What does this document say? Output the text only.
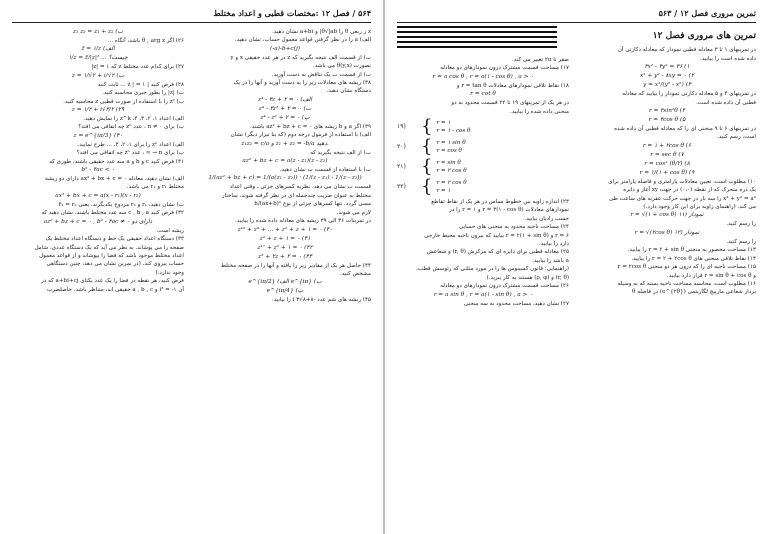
۵۶۴ / فصل ۱۲ :مختصات قطبی و اعداد مختلط
z ز ربعی θ را θ√|ab| و a+bi نشان دهید.
الف) a را در نظر گرفتن قواعد معمول حساب، نشان دهید.
(-a)-b+c(j)
ب) از قسمت الف نتیجه بگیرید که z در هر عدد حقیقی x و y
بصورت (y,x)θ می باشد.
ب) از قسمت ب یک تناقض به دست آورید.
۳۸) ریشه های معادلات زیر را به دست آورید و آنها را در یک
دستگاه نشان دهید.
z³ - ۳z + ۲ = ۰ (الف
z⁴ - ۳z² + ۲ = ۰ (ب
z⁴ - z² + ۲ = ۰ (پ
۳۹) اگر a و b ریشه های az² + bz + c = ۰ باشند.
الف) با استفاده از فرمول درجه دوم (که بنا تیزار دیگر) نشان
z₁z₂ = c/a و z₁ + z₂ = -b/a دهید.
ب) از الف نتیجه بگیرید که
az² + bz + c = a(z - z₁)(z - z₂)
ب) با استفاده از قسمت ب نشان دهید.
1/(az² + bz + c) = 1/(a(z₁ - z₂)) · (1/(z - z₁) - 1/(z - z₂))
قسمت ب نشان می دهد، نظریه کسرهای جزئی ـ وقتی اعداد
مختلط به عنوان ضریب چندجمله ای در نظر گرفته شوند، ساختار
مسی گردد. تنها کسرهای جزئی از نوع h/(ax+b)ⁿ
لازم می شوند.
در تمرینات ۳۶ الی ۳۹ ریشه های معادله داده شده را بیابید.
z¹⁰ + z⁹ + ... + z² + z + ۱ = ۰ (۴۰
z² + z + ۱ = ۰ (۴۱
z¹⁷ + z² + ۱ = ۰ (۴۲
z² + ۲z + ۲ = ۰ (۴۳
۴۴) حاصل هر یک از مقادیر زیر را یافته و آنها را در صفحه مختلط
مشخص کنید.
e^{iπ/2} (الف e^{iπ} (ب
e^{iπ/4} (پ
۴۵) ریشه های شم عدد -۸+۸√۳ i را بیابید.
z₁ z₂ = z₁ + z₂ (ب
۲۶) اگر θ , arg z باشد، آنگاه ...
z̄ = ۱/z (الف
۱/z = z̄/|z|² ... چیست؟
۲۷) برای کدام عدد مختلط z که ۱ = |z|
z = ۱/√۲ + i/√۲ (ب
۲۸) فرض کنید | z | = ۱ ... ثابت کنید
ب) |z| را بطور جبری محاسبه کنید.
ب) z² را با استفاده از صورت قطبی z محاسبه کنید.
z = ۱/۲ + i√۳/۲ (۲۹
الف) اعداد ۱، ۲، ۳، ۴، z^k را نمایش دهید.
ب) برای n ≠ ۰ ، عدد zⁿ چه اتفاقی می افتد؟
z = e^{iπ/3} (۳۰
الف) اعداد zⁿ را برای ۱، ۲، ۳، ... طرح نمایید.
ب) برای n → ∞ ، عدد zⁿ چه اتفاقی می افتد؟
۳۱) فرض کنید c و b و a سه عدد حقیقی باشند، طوری که
b² - ۴ac < ۰
الف) نشان دهید، معادله ax² + bx + c = ۰ دارای دو ریشه
مختلط r₁ و r₂ می باشد.
ax² + bx + c = a(x - r₁)(x - r₂)
ب) نشان دهید، r₁ و r₂ مزدوج یکدیگرند، یعنی r̄₁ = r₂
۳۲) فرض کنید c , b , a سه عدد مختلط باشند، نشان دهید که
az² + bz + c = ۰ , b² - ۴ac ≠ ۰ دارای دو
ریشه است.
۳۳) دستگاه اعداد حقیقی یک خط و دستگاه اعداد مختلط یک
صفحه را می پوشاند. به نظر می آید که یک دستگاه عددی، شامل
اعداد مختلط موجود باشد که فضا را بپوشاند و از قواعد معمول
حساب پیروی کند. (در تمرین نشان می دهد، چنین دستگاهی
وجود ندارد.)
فرض کنید، هر نقطه در فضا را یک عدد یکتای a+bi+cj که در
آن i² = -۱ و a , b , c حقیقی اند، متناظر باشد. حاصلضرب
تمرین مروری فصل ۱۲ / ۵۶۳
تمرین های مروری فصل ۱۲
در تمرینهای ۱ تا ۳ معادله قطبی نمودار که معادله دکارتی آن
داده شده است را بیابید.
۳x² - ۴y² = ۳۶ (۱
x² + y² - ۸xy = ۰ (۲
y = x²/(y² - x²) (۳
در تمرینهای ۴ و ۵ معادله دکارتی نمودار را بیابید که معادله
قطبی آن داده شده است.
r = ۴sin²θ (۴
r = ۴cos θ (۵
در تمرینهای ۶ تا ۹ منحنی ای را که معادله قطبی آن داده شده
است، رسم کنید.
r = ۱ + ۲cos θ (۶
r = sec θ (۷
r = cos² (θ/۲) (۸
r = ۱/(۱ + cos θ) (۹
۱۰) مطلوب است، تعیین معادلات پارامتری و فاصله پارامتر برای
یک ذره متحرک که از نقطه (۰،۰) در جهت xy آغاز و دایره
x² + y² = a² را سه بار در جهت حرکت عقربه های ساعت طی
می کند. (راهنمای زاویه برای این کار وجود دارد.)
r = √(۱ + cos θ) ۱۱) نمودار
را رسم کنید.
r = √(۲cos θ) ۱۲) نمودار
را رسم کنید.
۱۳) مساحت محصور به منحنی r = ۲ + sin θ را بیابید.
۱۴) نقاط تلاقی منحنی های r = ۲ + ۲cos θ را بیابید.
۱۵) مساحت ناحیه ای را که درون هر دو منحنی r = ۲cos θ
و r = sin θ + cos θ قرار دارد بیابید.
۱۶) مطلوب است، محاسبه مساحت ناحیه بسته که به وسیله
بردار شعاعی مارپیچ لگاریتمی (e^{۲θ}) در فاصله θ
صفر تا ۲π تغییر می کند.
۱۷) مساحت قسمت مشترک درون نمودارهای دو معادله
r = a cos θ , r = a(۱ - cos θ) , a > ۰
۱۸) نقاط تلاقی نمودارهای معادلات r = tan θ و
r = cot θ
در هر یک از تمرینهای ۱۹ تا ۲۲ قسمت محدود به دو
منحنی داده شده را بیابید.
۱۹) { r = ۱
r = ۱ - cos θ
۲۰) { r = ۱ sin θ
r = cos θ
۲۱) { r = sin θ
r = ۲ cos θ
۲۲) { r = ۲ cos θ
r = ۱
۲۳) اندازه زاویه بین خطوط مماس در هر یک از نقاط تقاطع
نمودارهای معادلات r = ۳(۱ - cos θ) و r = ۱ را در
حسب رادیان بیابید.
۲۴) مساحت ناحیه محدود به منحنی های حسابی
r = ۶ و r = ۲(۱ + sin θ) بیابید که بیرون ناحیه محیط خارجی
دارد را بیابید.
۲۵) معادله قطبی برای دایره ای که مرکزش (r, θ) و شعاعش
a باشد را بیابید.
(راهنمایی: قانون کسینوس ها را در مورد مثلثی که رئوسش قطب،
(r, θ) و (ρ, φ) هستند به کار ببرید.)
۲۶) مساحت قسمت مشترک درون نمودارهای دو معادله
r = a sin θ , r = a(۱ - sin θ) , a > ۰
۲۷) نشان دهید، مساحت محدود به سه منحنی
